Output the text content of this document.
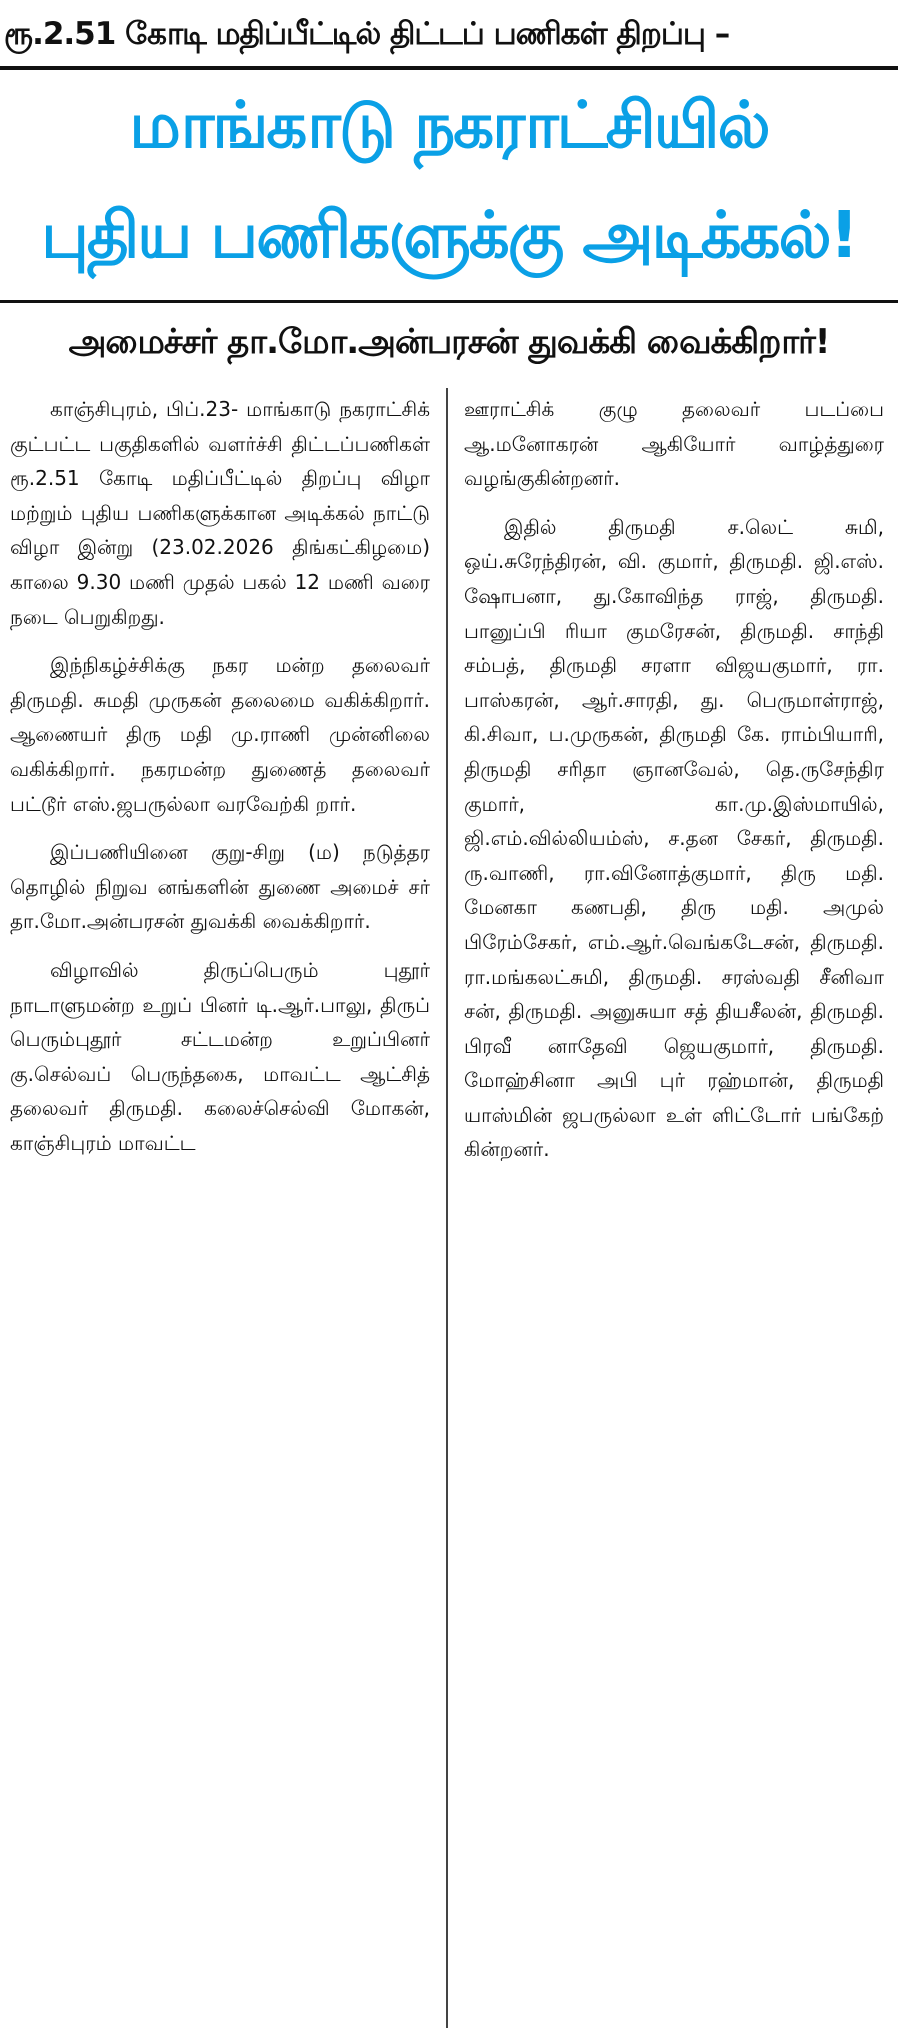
ரூ.2.51 கோடி மதிப்பீட்டில் திட்டப் பணிகள் திறப்பு –
மாங்காடு நகராட்சியில்
புதிய பணிகளுக்கு அடிக்கல்!
அமைச்சர் தா.மோ.அன்பரசன் துவக்கி வைக்கிறார்!

காஞ்சிபுரம், பிப்.23- மாங்காடு நகராட்சிக் குட்பட்ட பகுதிகளில் வளர்ச்சி திட்டப்பணிகள் ரூ.2.51 கோடி மதிப்பீட்டில் திறப்பு விழா மற்றும் புதிய பணிகளுக்கான அடிக்கல் நாட்டு விழா இன்று (23.02.2026 திங்கட்கிழமை) காலை 9.30 மணி முதல் பகல் 12 மணி வரை நடை பெறுகிறது.

இந்நிகழ்ச்சிக்கு நகர மன்ற தலைவர் திருமதி. சுமதி முருகன் தலைமை வகிக்கிறார். ஆணையர் திரு மதி மு.ராணி முன்னிலை வகிக்கிறார். நகரமன்ற துணைத் தலைவர் பட்டூர் எஸ்.ஜபருல்லா வரவேற்கி றார்.

இப்பணியினை குறு-சிறு (ம) நடுத்தர தொழில் நிறுவ னங்களின் துணை அமைச் சர் தா.மோ.அன்பரசன் துவக்கி வைக்கிறார்.

விழாவில் திருப்பெரும் புதூர் நாடாளுமன்ற உறுப் பினர் டி.ஆர்.பாலு, திருப் பெரும்புதூர் சட்டமன்ற உறுப்பினர் கு.செல்வப் பெருந்தகை, மாவட்ட ஆட்சித் தலைவர் திருமதி. கலைச்செல்வி மோகன், காஞ்சிபுரம் மாவட்ட

ஊராட்சிக் குழு தலைவர் படப்பை ஆ.மனோகரன் ஆகியோர் வாழ்த்துரை வழங்குகின்றனர்.

இதில் திருமதி ச.லெட் சுமி, ஒய்.சுரேந்திரன், வி. குமார், திருமதி. ஜி.எஸ். ஷோபனா, து.கோவிந்த ராஜ், திருமதி. பானுப்பி ரியா குமரேசன், திருமதி. சாந்தி சம்பத், திருமதி சரளா விஜயகுமார், ரா. பாஸ்கரன், ஆர்.சாரதி, து. பெருமாள்ராஜ், கி.சிவா, ப.முருகன், திருமதி கே. ராம்பியாரி, திருமதி சரிதா ஞானவேல், தெ.ருசேந்திர குமார், கா.மு.இஸ்மாயில், ஜி.எம்.வில்லியம்ஸ், ச.தன சேகர், திருமதி. ரு.வாணி, ரா.வினோத்குமார், திரு மதி. மேனகா கணபதி, திரு மதி. அமுல் பிரேம்சேகர், எம்.ஆர்.வெங்கடேசன், திருமதி. ரா.மங்கலட்சுமி, திருமதி. சரஸ்வதி சீனிவா சன், திருமதி. அனுசுயா சத் தியசீலன், திருமதி. பிரவீ னாதேவி ஜெயகுமார், திருமதி. மோஹ்சினா அபி புர் ரஹ்மான், திருமதி யாஸ்மின் ஜபருல்லா உள் ளிட்டோர் பங்கேற் கின்றனர்.
